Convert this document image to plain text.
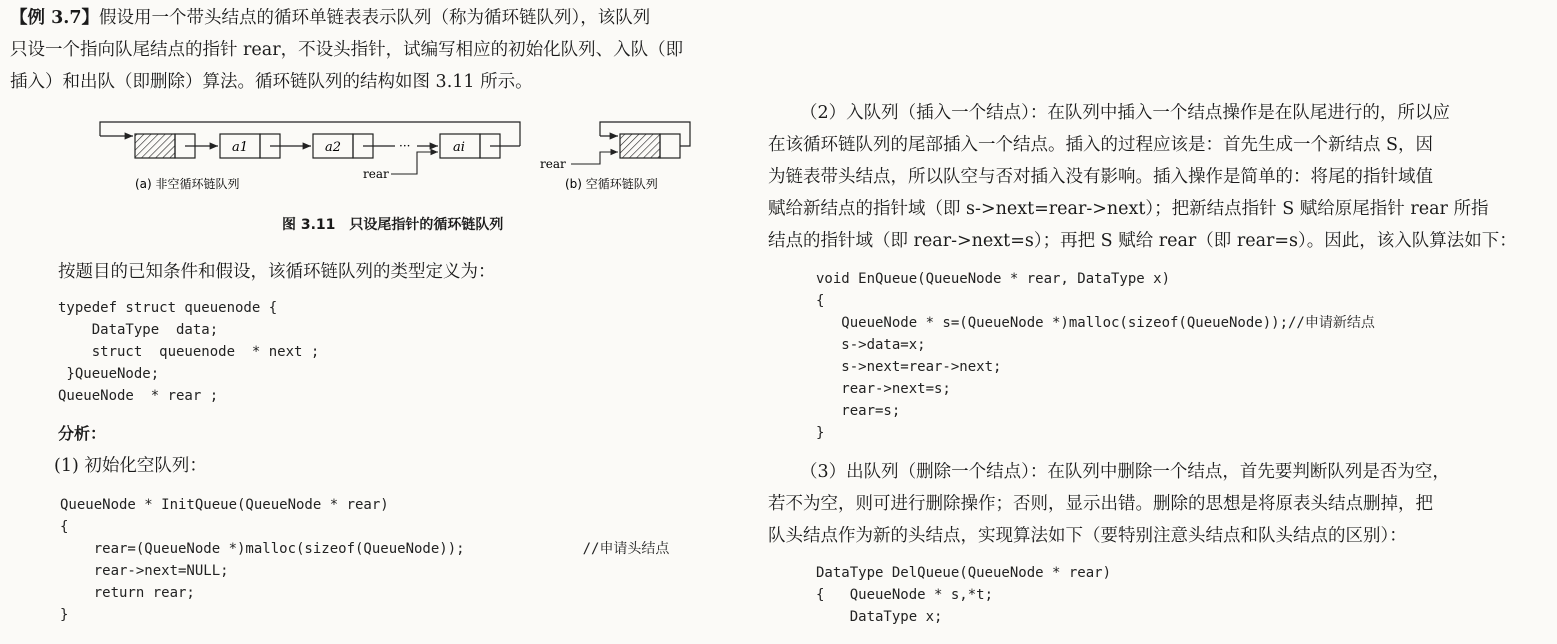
【例 3.7】假设用一个带头结点的循环单链表表示队列（称为循环链队列），该队列

只设一个指向队尾结点的指针 rear，不设头指针，试编写相应的初始化队列、入队（即

插入）和出队（即删除）算法。循环链队列的结构如图 3.11 所示。

a1	a2	···	ai
rear
(a) 非空循环链队列
rear
(b) 空循环链队列
图 3.11　只设尾指针的循环链队列

按题目的已知条件和假设，该循环链队列的类型定义为：

typedef struct queuenode {

DataType  data;

struct  queuenode  * next ;

}QueueNode;

QueueNode  * rear ;

分析：

(1) 初始化空队列：

QueueNode * InitQueue(QueueNode * rear)

{

rear=(QueueNode *)malloc(sizeof(QueueNode));              //申请头结点

rear->next=NULL;

return rear;

}

（2）入队列（插入一个结点）：在队列中插入一个结点操作是在队尾进行的，所以应

在该循环链队列的尾部插入一个结点。插入的过程应该是：首先生成一个新结点 S，因

为链表带头结点，所以队空与否对插入没有影响。插入操作是简单的：将尾的指针域值

赋给新结点的指针域（即 s->next=rear->next）；把新结点指针 S 赋给原尾指针 rear 所指

结点的指针域（即 rear->next=s）；再把 S 赋给 rear（即 rear=s）。因此，该入队算法如下：

void EnQueue(QueueNode * rear, DataType x)

{

QueueNode * s=(QueueNode *)malloc(sizeof(QueueNode));//申请新结点

s->data=x;

s->next=rear->next;

rear->next=s;

rear=s;

}

（3）出队列（删除一个结点）：在队列中删除一个结点，首先要判断队列是否为空，

若不为空，则可进行删除操作；否则，显示出错。删除的思想是将原表头结点删掉，把

队头结点作为新的头结点，实现算法如下（要特别注意头结点和队头结点的区别）：

DataType DelQueue(QueueNode * rear)

{   QueueNode * s,*t;

DataType x;
